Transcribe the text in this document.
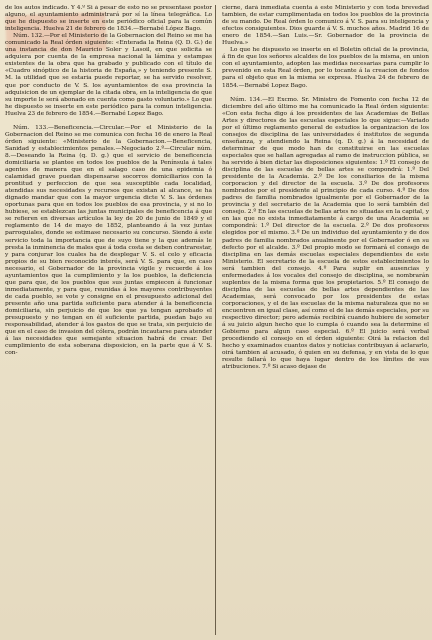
de los autos indicado. Y 4.º Si á pesar de esto no se presentase postor alguno, el ayuntamiento administrará por sí la línea telegráfica. Lo que he dispuesto se inserte en este periódico oficial para la común inteligencia. Huelva 21 de febrero de 1834.—Bernabé López Bago.

Núm. 132.—Por el Ministerio de la Gobernacion del Reino se me ha comunicado la Real órden siguiente: «Enterada la Reina (Q. D. G.) de una instancia de don Mauricio Soler y Lasoil, en que solicita se adquiera por cuenta de la empresa nacional la lámina y estampas existentes de la obra que ha grabado y publicado con el título de «Cuadro sinóptico de la historia de España,» y teniendo presente S. M. la utilidad que se estaria puede reportar, se ha servido resolver, que por conducto de V. S. los ayuntamientos de esa provincia la adquisicion de un ejemplar de la citada obra, en la inteligencia de que su importe le será abonado en cuenta como gasto voluntario.» Lo que he dispuesto se inserte en este periódico para la comun inteligencia. Huelva 23 de febrero de 1854.—Bernabé Lopez Bago.

Núm. 133.—Beneficencia.—Circular.—Por el Ministerio de la Gobernacion del Reino se me comunica con fecha 16 de enero la Real órden siguiente: «Ministerio de la Gobernacion.—Beneficencia, Sanidad y establecimientos penales.—Negociado 2.º—Circular núm. 8.—Deseando la Reina (q. D. g.) que el servicio de beneficencia domiciliaria se plantee en todos los pueblos de la Península á tales agentes de manera que en el salago caso de una epidemia ó calamidad grave puedan dispensarse socorros domiciliarios con la prontitud y perfeccion de que sea susceptible cada localidad, atendidas sus necesidades y recursos que existan al alcance, se ha dignado mandar que con la mayor urgencia dicte V. S. las órdenes oportunas para que en todos los pueblos de esa provincia, y si no lo hubiese, se establezcan las juntas municipales de beneficencia á que se refieren en diversas artículos la ley de 20 de junio de 1849 y el reglamento de 14 de mayo de 1852, planteando á la vez juntas parroquiales, donde se estimase necesario su concurso. Siendo á este servicio toda la importancia que de suyo tiene y la que además le presta la inminencia de males que á toda costa se deben contrarestar, y para conjurar los cuales ha de desplegar V. S. el celo y eficacia propios de su bien reconocido interés, será V. S. para que, en caso necesario, el Gobernador de la provincia vigile y recuerde á los ayuntamientos que la cumplimiento y la los pueblos, la deficiencia que para que, de los pueblos que sus juntas empiecen á funcionar inmediatamente, y para que, reunidas á los mayores contribuyentes de cada pueblo, se vote y consigne en el presupuesto adicional del presente año una partida suficiente para atender á la beneficencia domiciliaria, sin perjuicio de que los que ya tengan aprobado el presupuesto y no tengan en él suficiente partida, puedan bajo su responsabilidad, atender á los gastos de que se trata, sin perjuicio de que en el caso de invasion del cólera, podrán incautarse para atender á las necesidades que semejante situacion habrá de crear. Del cumplimiento de esta soberana disposicion, en la parte que á V. S. con-

cierne, dará inmediata cuenta á este Ministerio y con toda brevedad tambien, de estar cumplimentada en todos los pueblos de la provincia de su mando. De Real órden lo comunico á V. S. para su inteligencia y efectos consiguientes. Dios guarde á V. S. muchos años. Madrid 16 de enero de 1854.—San Luis.—Sr. Gobernador de la provincia de Huelva.»

Lo que he dispuesto se inserte en el Boletin oficial de la provincia, á fin de que los señores alcaldes de los pueblos de la misma, en union con el ayuntamiento, adopten las medidas necesarias para cumplir lo prevenido en esta Real órden, por lo tocante á la creacion de fondos para el objeto que en la misma se expresa. Huelva 24 de febrero de 1854.—Bernabé Lopez Bago.

Núm. 134.—El Excmo. Sr. Ministro de Fomento con fecha 12 de diciembre del año último me ha comunicado la Real órden siguiente: «Con esta fecha digo á los presidentes de las Academias de Bellas Artes y directores de las escuelas especiales lo que sigue:—Variado por el último reglamento general de estudios la organizacion de los consejos de disciplina de las universidades é institutos de segunda enseñanza, y atendiendo la Reina (q. D. g.) á la necesidad de determinar de que modo han de constituirse en las escuelas especiales que se hallan agregadas al ramo de instruccion pública, se ha servido á bien dictar las disposiciones siguientes: 1.º El consejo de disciplina de las escuelas de bellas artes se compondrá: 1.º Del presidente de la Academia. 2.º De los consiliarios de la misma corporacion y del director de la escuela. 3.º De dos profesores nombrados por el presidente al principio de cada curso. 4.º De dos padres de familia nombrados igualmente por el Gobernador de la provincia y del secretario de la Academia que lo será también del consejo. 2.º En las escuelas de bellas artes no situadas en la capital, y en las que no exista inmediatamente á cargo de una Academia se compondrá: 1.º Del director de la escuela. 2.º De dos profesores elegidos por el mismo. 3.º De un individuo del ayuntamiento y de dos padres de familia nombrados anualmente por el Gobernador ó en su defecto por el alcalde. 3.º Del propio modo se formará el consejo de disciplina en las demás escuelas especiales dependientes de este Ministerio. El secretario de la escuela de estos establecimientos lo será tambien del consejo. 4.º Para suplir en ausencias y enfermedades á los vocales del consejo de disciplina, se nombrarán suplentes de la misma forma que los propietarios. 5.º El consejo de disciplina de las escuelas de bellas artes dependientes de las Academias, será convocado por los presidentes de estas corporaciones, y el de las escuelas de la misma naturaleza que no se encuentren en igual clase, así como el de las demás especiales, por su respectivo director; pero además recibirá cuando hubiere de someter á su juicio algun hecho que lo cumpla ó cuando sea la determine el Gobierno para algun caso especial. 6.º El juicio será verbal procediendo el consejo en el órden siguiente: Oirá la relacion del hecho y examinados cuantos datos y noticias contribuyan á aclararlo, oirá tambien al acusado, ó quien en su defensa, y en vista de lo que resulte fallará lo que haya lugar dentro de los límites de sus atribuciones. 7.º Si acaso dejase de
